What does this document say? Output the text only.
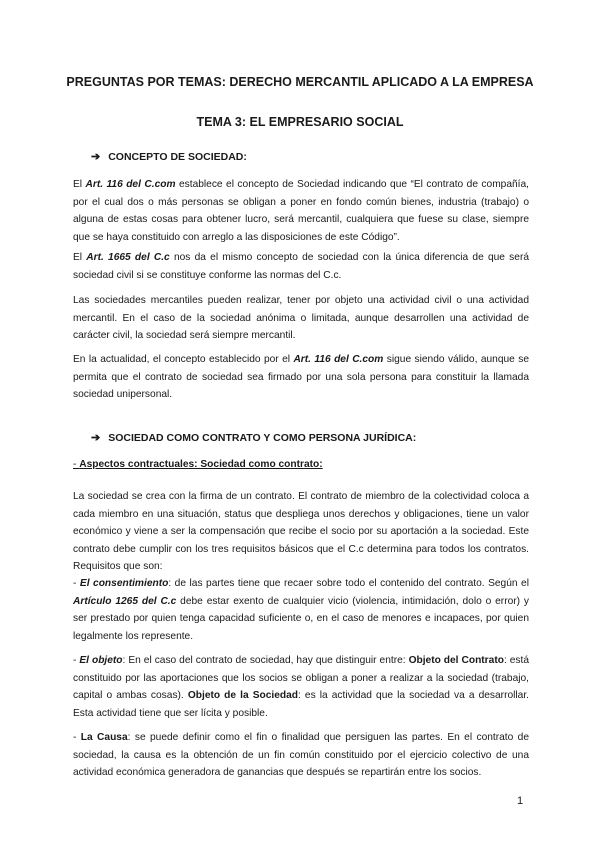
PREGUNTAS POR TEMAS: DERECHO MERCANTIL APLICADO A LA EMPRESA
TEMA 3: EL EMPRESARIO SOCIAL
➔ CONCEPTO DE SOCIEDAD:

El Art. 116 del C.com establece el concepto de Sociedad indicando que “El contrato de compañía, por el cual dos o más personas se obligan a poner en fondo común bienes, industria (trabajo) o alguna de estas cosas para obtener lucro, será mercantil, cualquiera que fuese su clase, siempre que se haya constituido con arreglo a las disposiciones de este Código”.

El Art. 1665 del C.c nos da el mismo concepto de sociedad con la única diferencia de que será sociedad civil si se constituye conforme las normas del C.c.

Las sociedades mercantiles pueden realizar, tener por objeto una actividad civil o una actividad mercantil. En el caso de la sociedad anónima o limitada, aunque desarrollen una actividad de carácter civil, la sociedad será siempre mercantil.

En la actualidad, el concepto establecido por el Art. 116 del C.com sigue siendo válido, aunque se permita que el contrato de sociedad sea firmado por una sola persona para constituir la llamada sociedad unipersonal.

➔ SOCIEDAD COMO CONTRATO Y COMO PERSONA JURÍDICA:
- Aspectos contractuales: Sociedad como contrato:

La sociedad se crea con la firma de un contrato. El contrato de miembro de la colectividad coloca a cada miembro en una situación, status que despliega unos derechos y obligaciones, tiene un valor económico y viene a ser la compensación que recibe el socio por su aportación a la sociedad. Este contrato debe cumplir con los tres requisitos básicos que el C.c determina para todos los contratos. Requisitos que son:

- El consentimiento: de las partes tiene que recaer sobre todo el contenido del contrato. Según el Artículo 1265 del C.c debe estar exento de cualquier vicio (violencia, intimidación, dolo o error) y ser prestado por quien tenga capacidad suficiente o, en el caso de menores e incapaces, por quien legalmente los represente.

- El objeto: En el caso del contrato de sociedad, hay que distinguir entre: Objeto del Contrato: está constituido por las aportaciones que los socios se obligan a poner a realizar a la sociedad (trabajo, capital o ambas cosas). Objeto de la Sociedad: es la actividad que la sociedad va a desarrollar. Esta actividad tiene que ser lícita y posible.

- La Causa: se puede definir como el fin o finalidad que persiguen las partes. En el contrato de sociedad, la causa es la obtención de un fin común constituido por el ejercicio colectivo de una actividad económica generadora de ganancias que después se repartirán entre los socios.

1
